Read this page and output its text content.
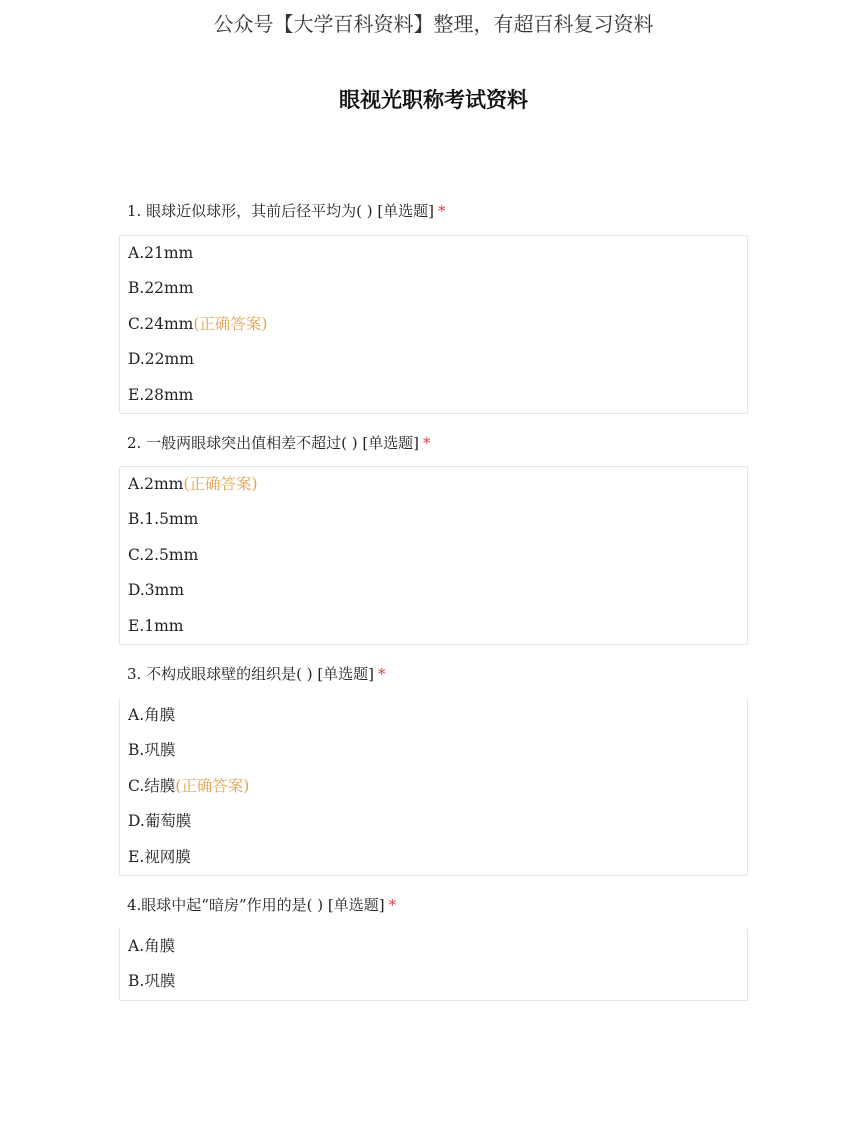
公众号【大学百科资料】整理，有超百科复习资料
眼视光职称考试资料
1. 眼球近似球形，其前后径平均为( ) [单选题] *
A.21mm
B.22mm
C.24mm(正确答案)
D.22mm
E.28mm
2. 一般两眼球突出值相差不超过( ) [单选题] *
A.2mm(正确答案)
B.1.5mm
C.2.5mm
D.3mm
E.1mm
3. 不构成眼球壁的组织是( ) [单选题] *
A.角膜
B.巩膜
C.结膜(正确答案)
D.葡萄膜
E.视网膜
4.眼球中起“暗房”作用的是( ) [单选题] *
A.角膜
B.巩膜
